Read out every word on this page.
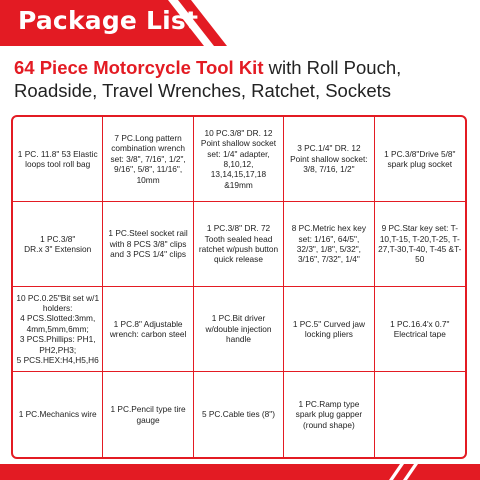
Package List
64 Piece Motorcycle Tool Kit with Roll Pouch, Roadside, Travel Wrenches, Ratchet, Sockets
1 PC. 11.8" 53 Elastic loops tool roll bag
7 PC.Long pattern combination wrench set: 3/8", 7/16", 1/2", 9/16", 5/8", 11/16", 10mm
10 PC.3/8" DR. 12 Point shallow socket set: 1/4" adapter, 8,10,12, 13,14,15,17,18 &19mm
3 PC.1/4" DR. 12 Point shallow socket: 3/8, 7/16, 1/2"
1 PC.3/8"Drive 5/8" spark plug socket
1 PC.3/8"
DR.x 3" Extension
1 PC.Steel socket rail with 8 PCS 3/8" clips and 3 PCS 1/4" clips
1 PC.3/8" DR. 72 Tooth sealed head ratchet w/push button quick release
8 PC.Metric hex key set: 1/16", 64/5", 32/3", 1/8", 5/32", 3/16", 7/32", 1/4"
9 PC.Star key set: T-10,T-15, T-20,T-25, T-27,T-30,T-40, T-45 &T-50
10 PC.0.25"Bit set w/1 holders:
4 PCS.Slotted:3mm, 4mm,5mm,6mm;
3 PCS.Phillips: PH1, PH2,PH3;
5 PCS.HEX:H4,H5,H6
1 PC.8" Adjustable wrench: carbon steel
1 PC.Bit driver w/double injection handle
1 PC.5" Curved jaw locking pliers
1 PC.16.4'x 0.7" Electrical tape
1 PC.Mechanics wire
1 PC.Pencil type tire gauge
5 PC.Cable ties (8")
1 PC.Ramp type spark plug gapper (round shape)
